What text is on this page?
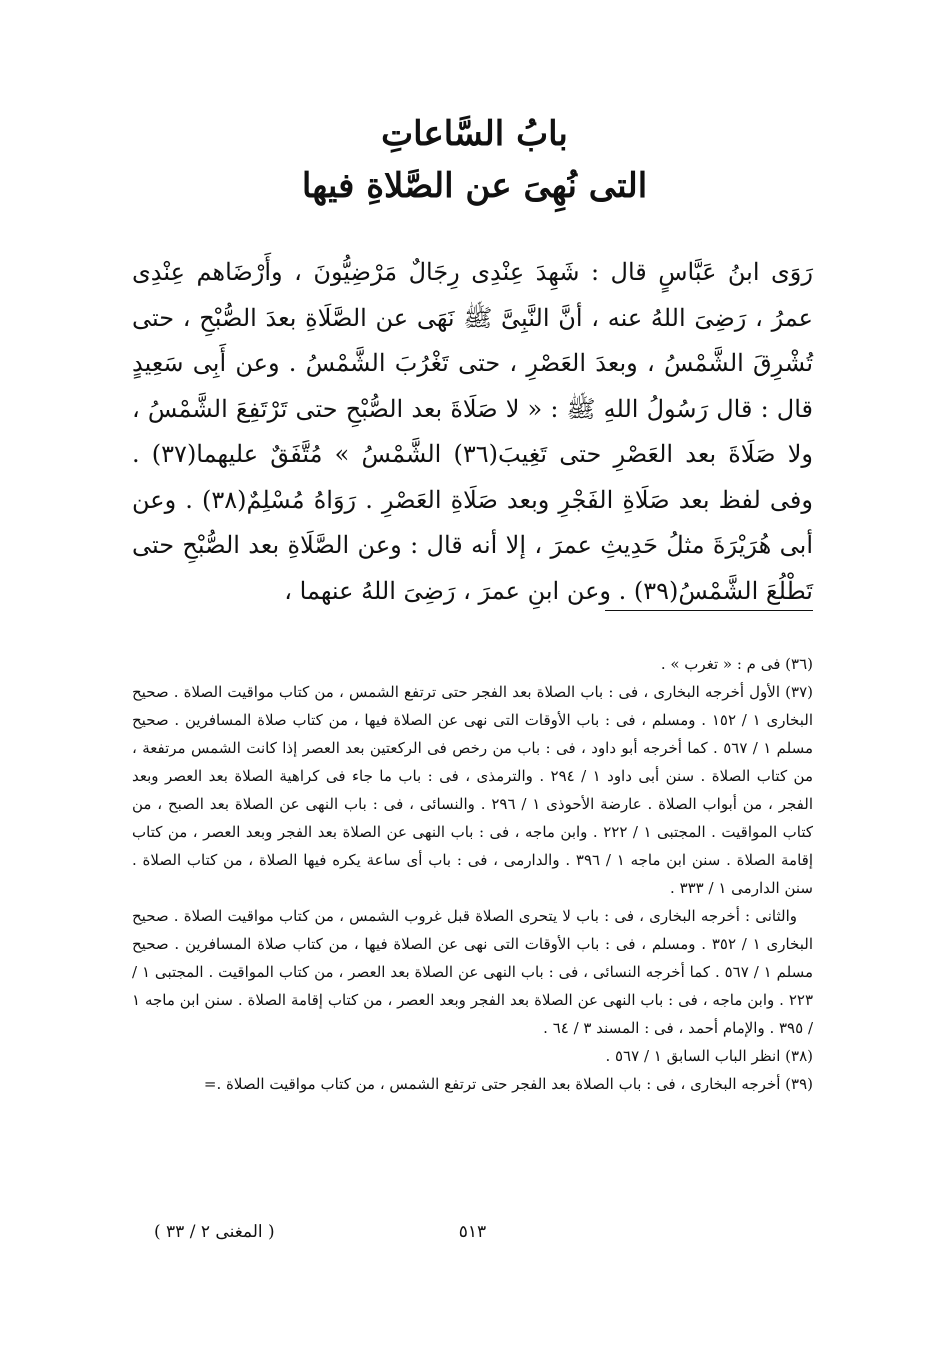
بابُ السَّاعاتِ

التى نُهِىَ عن الصَّلاةِ فيها

رَوَى ابنُ عَبَّاسٍ قال : شَهِدَ عِنْدِى رِجَالٌ مَرْضِيُّونَ ، وأَرْضَاهم عِنْدِى عمرُ ، رَضِىَ اللهُ عنه ، أنَّ النَّبِىَّ ﷺ نَهَى عن الصَّلَاةِ بعدَ الصُّبْحِ ، حتى تُشْرِقَ الشَّمْسُ ، وبعدَ العَصْرِ ، حتى تَغْرُبَ الشَّمْسُ . وعن أَبِى سَعِيدٍ قال : قال رَسُولُ اللهِ ﷺ : « لا صَلَاةَ بعد الصُّبْحِ حتى تَرْتَفِعَ الشَّمْسُ ، ولا صَلَاةَ بعد العَصْرِ حتى تَغِيبَ(٣٦) الشَّمْسُ » مُتَّفَقٌ عليهما(٣٧) . وفى لفظ بعد صَلَاةِ الفَجْرِ وبعد صَلَاةِ العَصْرِ . رَوَاهُ مُسْلِمٌ(٣٨) . وعن أبى هُرَيْرَةَ مثلُ حَدِيثِ عمرَ ، إلا أنه قال : وعن الصَّلَاةِ بعد الصُّبْحِ حتى تَطْلُعَ الشَّمْسُ(٣٩) . وعن ابنِ عمرَ ، رَضِىَ اللهُ عنهما ،

(٣٦) فى م : « تغرب » .

(٣٧) الأول أخرجه البخارى ، فى : باب الصلاة بعد الفجر حتى ترتفع الشمس ، من كتاب مواقيت الصلاة . صحيح البخارى ١ / ١٥٢ . ومسلم ، فى : باب الأوقات التى نهى عن الصلاة فيها ، من كتاب صلاة المسافرين . صحيح مسلم ١ / ٥٦٧ . كما أخرجه أبو داود ، فى : باب من رخص فى الركعتين بعد العصر إذا كانت الشمس مرتفعة ، من كتاب الصلاة . سنن أبى داود ١ / ٢٩٤ . والترمذى ، فى : باب ما جاء فى كراهية الصلاة بعد العصر وبعد الفجر ، من أبواب الصلاة . عارضة الأحوذى ١ / ٢٩٦ . والنسائى ، فى : باب النهى عن الصلاة بعد الصبح ، من كتاب المواقيت . المجتبى ١ / ٢٢٢ . وابن ماجه ، فى : باب النهى عن الصلاة بعد الفجر وبعد العصر ، من كتاب إقامة الصلاة . سنن ابن ماجه ١ / ٣٩٦ . والدارمى ، فى : باب أى ساعة يكره فيها الصلاة ، من كتاب الصلاة . سنن الدارمى ١ / ٣٣٣ .

والثانى : أخرجه البخارى ، فى : باب لا يتحرى الصلاة قبل غروب الشمس ، من كتاب مواقيت الصلاة . صحيح البخارى ١ / ٣٥٢ . ومسلم ، فى : باب الأوقات التى نهى عن الصلاة فيها ، من كتاب صلاة المسافرين . صحيح مسلم ١ / ٥٦٧ . كما أخرجه النسائى ، فى : باب النهى عن الصلاة بعد العصر ، من كتاب المواقيت . المجتبى ١ / ٢٢٣ . وابن ماجه ، فى : باب النهى عن الصلاة بعد الفجر وبعد العصر ، من كتاب إقامة الصلاة . سنن ابن ماجه ١ / ٣٩٥ . والإمام أحمد ، فى : المسند ٣ / ٦٤ .

(٣٨) انظر الباب السابق ١ / ٥٦٧ .

(٣٩) أخرجه البخارى ، فى : باب الصلاة بعد الفجر حتى ترتفع الشمس ، من كتاب مواقيت الصلاة .=

٥١٣
( المغنى ٢ / ٣٣ )
